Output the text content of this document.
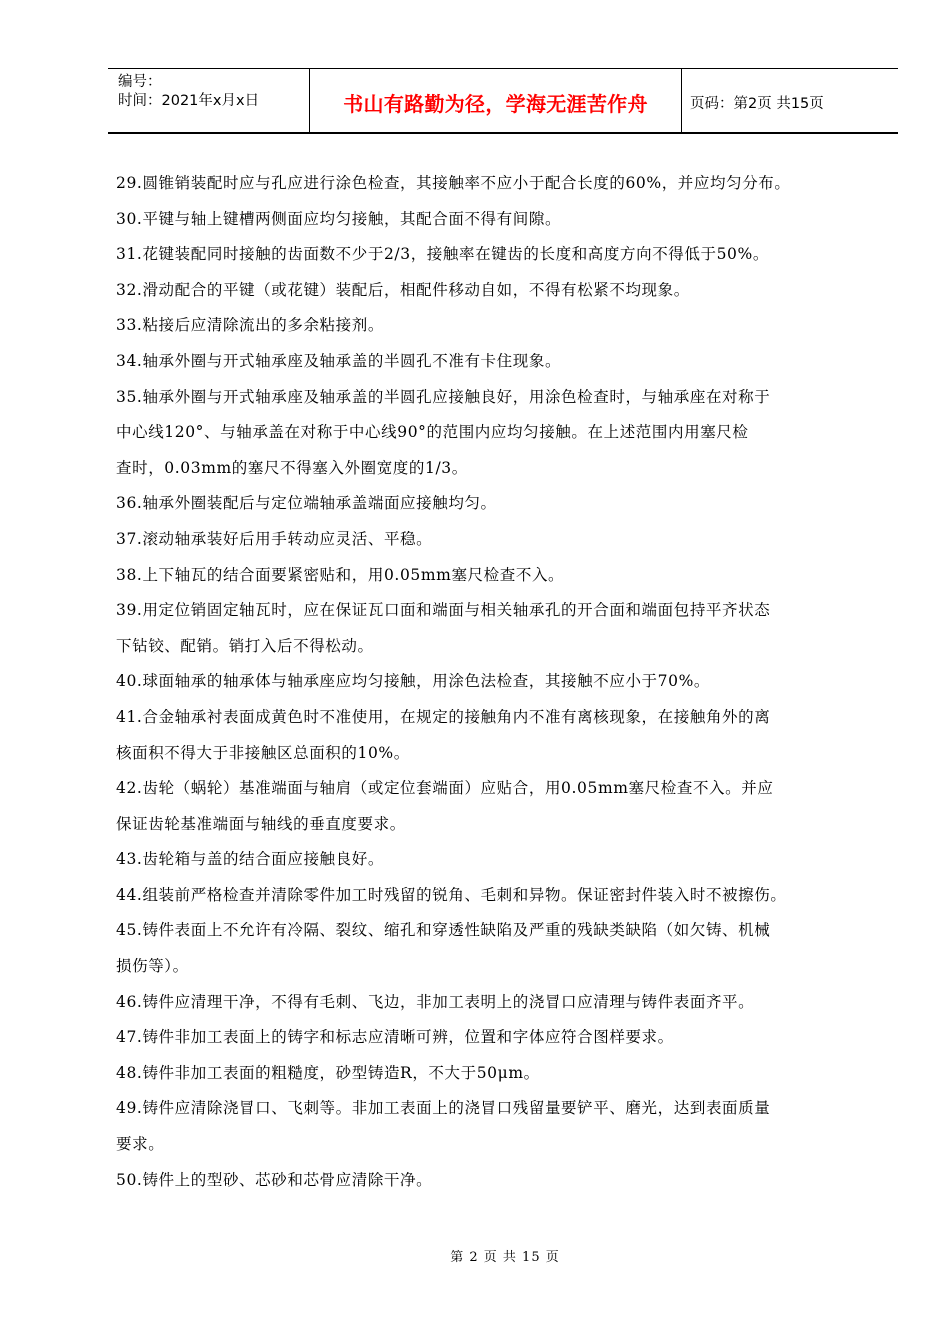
编号：
时间：2021年x月x日	书山有路勤为径，学海无涯苦作舟	页码：第2页 共15页
29.圆锥销装配时应与孔应进行涂色检查，其接触率不应小于配合长度的60%，并应均匀分布。
30.平键与轴上键槽两侧面应均匀接触，其配合面不得有间隙。
31.花键装配同时接触的齿面数不少于2/3，接触率在键齿的长度和高度方向不得低于50%。
32.滑动配合的平键（或花键）装配后，相配件移动自如，不得有松紧不均现象。
33.粘接后应清除流出的多余粘接剂。
34.轴承外圈与开式轴承座及轴承盖的半圆孔不准有卡住现象。
35.轴承外圈与开式轴承座及轴承盖的半圆孔应接触良好，用涂色检查时，与轴承座在对称于
中心线120°、与轴承盖在对称于中心线90°的范围内应均匀接触。在上述范围内用塞尺检
查时，0.03mm的塞尺不得塞入外圈宽度的1/3。
36.轴承外圈装配后与定位端轴承盖端面应接触均匀。
37.滚动轴承装好后用手转动应灵活、平稳。
38.上下轴瓦的结合面要紧密贴和，用0.05mm塞尺检查不入。
39.用定位销固定轴瓦时，应在保证瓦口面和端面与相关轴承孔的开合面和端面包持平齐状态
下钻铰、配销。销打入后不得松动。
40.球面轴承的轴承体与轴承座应均匀接触，用涂色法检查，其接触不应小于70%。
41.合金轴承衬表面成黄色时不准使用，在规定的接触角内不准有离核现象，在接触角外的离
核面积不得大于非接触区总面积的10%。
42.齿轮（蜗轮）基准端面与轴肩（或定位套端面）应贴合，用0.05mm塞尺检查不入。并应
保证齿轮基准端面与轴线的垂直度要求。
43.齿轮箱与盖的结合面应接触良好。
44.组装前严格检查并清除零件加工时残留的锐角、毛刺和异物。保证密封件装入时不被擦伤。
45.铸件表面上不允许有冷隔、裂纹、缩孔和穿透性缺陷及严重的残缺类缺陷（如欠铸、机械
损伤等）。
46.铸件应清理干净，不得有毛刺、飞边，非加工表明上的浇冒口应清理与铸件表面齐平。
47.铸件非加工表面上的铸字和标志应清晰可辨，位置和字体应符合图样要求。
48.铸件非加工表面的粗糙度，砂型铸造R，不大于50μm。
49.铸件应清除浇冒口、飞刺等。非加工表面上的浇冒口残留量要铲平、磨光，达到表面质量
要求。
50.铸件上的型砂、芯砂和芯骨应清除干净。
第 2 页 共 15 页
